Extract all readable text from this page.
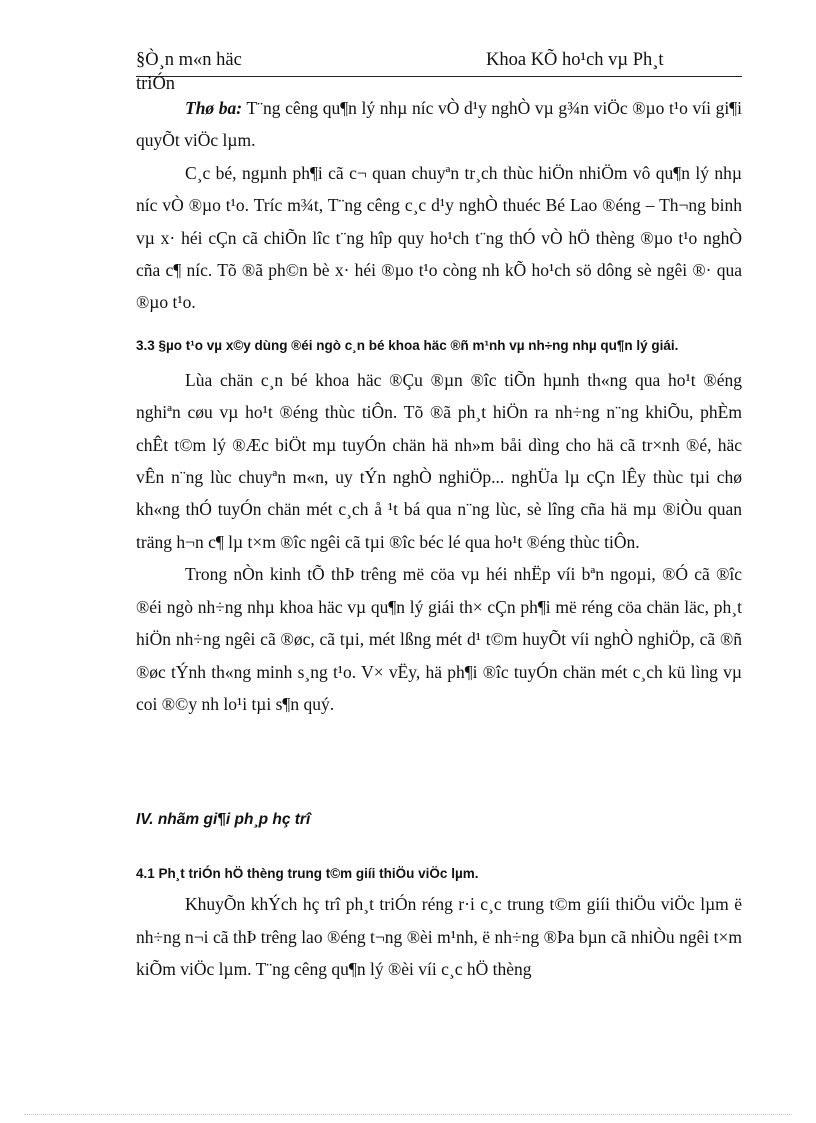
§Ò¸n m«n häc	Khoa KÕ ho¹ch vµ Ph¸t
triÓn

Thø ba: T¨ng cêng qu¶n lý nhµ níc vÒ d¹y nghÒ vµ g¾n viÖc ®µo t¹o víi gi¶i quyÕt viÖc lµm.

C¸c bé, ngµnh ph¶i cã c¬ quan chuyªn tr¸ch thùc hiÖn nhiÖm vô qu¶n lý nhµ níc vÒ ®µo t¹o. Tríc m¾t, T¨ng cêng c¸c d¹y nghÒ thuéc Bé Lao ®éng – Th¬ng binh vµ x· héi cÇn cã chiÕn lîc t¨ng hîp quy ho¹ch t¨ng thÓ vÒ hÖ thèng ®µo t¹o nghÒ cña c¶ níc. Tõ ®ã ph©n bè x· héi ®µo t¹o còng nh kÕ ho¹ch sö dông sè ngêi ®· qua ®µo t¹o.

3.3 §µo t¹o vµ x©y dùng ®éi ngò c¸n bé khoa häc ®ñ m¹nh vµ nh÷ng nhµ qu¶n lý giái.

Lùa chän c¸n bé khoa häc ®Çu ®µn ®îc tiÕn hµnh th«ng qua ho¹t ®éng nghiªn cøu vµ ho¹t ®éng thùc tiÔn. Tõ ®ã ph¸t hiÖn ra nh÷ng n¨ng khiÕu, phÈm chÊt t©m lý ®Æc biÖt mµ tuyÓn chän hä nh»m båi dìng cho hä cã tr×nh ®é, häc vÊn n¨ng lùc chuyªn m«n, uy tÝn nghÒ nghiÖp... nghÜa lµ cÇn lÊy thùc tµi chø kh«ng thÓ tuyÓn chän mét c¸ch å ¹t bá qua n¨ng lùc, sè lîng cña hä mµ ®iÒu quan träng h¬n c¶ lµ t×m ®îc ngêi cã tµi ®îc béc lé qua ho¹t ®éng thùc tiÔn.

Trong nÒn kinh tÕ thÞ trêng më cöa vµ héi nhËp víi bªn ngoµi, ®Ó cã ®îc ®éi ngò nh÷ng nhµ khoa häc vµ qu¶n lý giái th× cÇn ph¶i më réng cöa chän läc, ph¸t hiÖn nh÷ng ngêi cã ®øc, cã tµi, mét lßng mét d¹ t©m huyÕt víi nghÒ nghiÖp, cã ®ñ ®øc tÝnh th«ng minh s¸ng t¹o. V× vËy, hä ph¶i ®îc tuyÓn chän mét c¸ch kü lìng vµ coi ®©y nh lo¹i tµi s¶n quý.

IV. nhãm gi¶i ph¸p hç trî
4.1 Ph¸t triÓn hÖ thèng trung t©m giíi thiÖu viÖc lµm.

KhuyÕn khÝch hç trî ph¸t triÓn réng r·i c¸c trung t©m giíi thiÖu viÖc lµm ë nh÷ng n¬i cã thÞ trêng lao ®éng t¬ng ®èi m¹nh, ë nh÷ng ®Þa bµn cã nhiÒu ngêi t×m kiÕm viÖc lµm. T¨ng cêng qu¶n lý ®èi víi c¸c hÖ thèng
